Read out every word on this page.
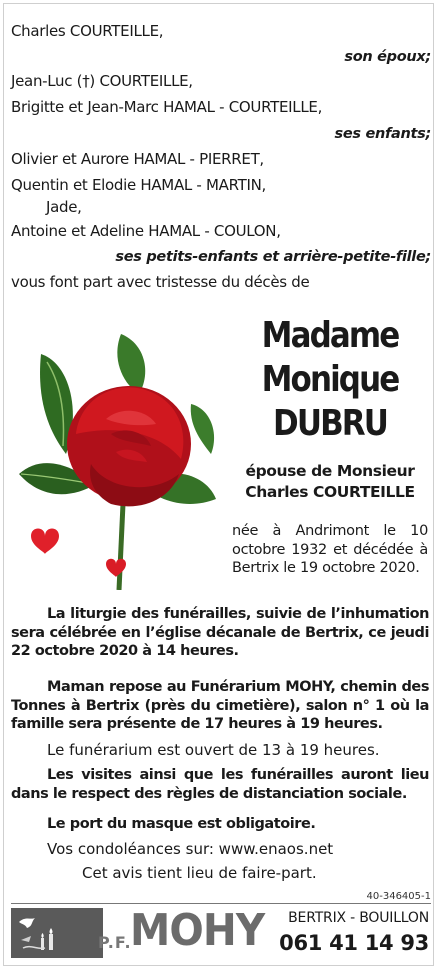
Charles COURTEILLE,
son époux;
Jean-Luc (†) COURTEILLE,
Brigitte et Jean-Marc HAMAL - COURTEILLE,
ses enfants;
Olivier et Aurore HAMAL - PIERRET,
Quentin et Elodie HAMAL - MARTIN,
Jade,
Antoine et Adeline HAMAL - COULON,
ses petits-enfants et arrière-petite-fille;
vous font part avec tristesse du décès de
Madame
Monique
DUBRU
épouse de Monsieur
Charles COURTEILLE
née à Andrimont le 10 octobre 1932 et décédée à Bertrix le 19 octobre 2020.
La liturgie des funérailles, suivie de l’inhumation sera célébrée en l’église décanale de Bertrix, ce jeudi 22 octobre 2020 à 14 heures.
Maman repose au Funérarium MOHY, chemin des Tonnes à Bertrix (près du cimetière), salon n° 1 où la famille sera présente de 17 heures à 19 heures.
Le funérarium est ouvert de 13 à 19 heures.
Les visites ainsi que les funérailles auront lieu dans le respect des règles de distanciation sociale.
Le port du masque est obligatoire.
Vos condoléances sur: www.enaos.net
Cet avis tient lieu de faire-part.
40-346405-1
P.F.
MOHY BERTRIX - BOUILLON
061 41 14 93
